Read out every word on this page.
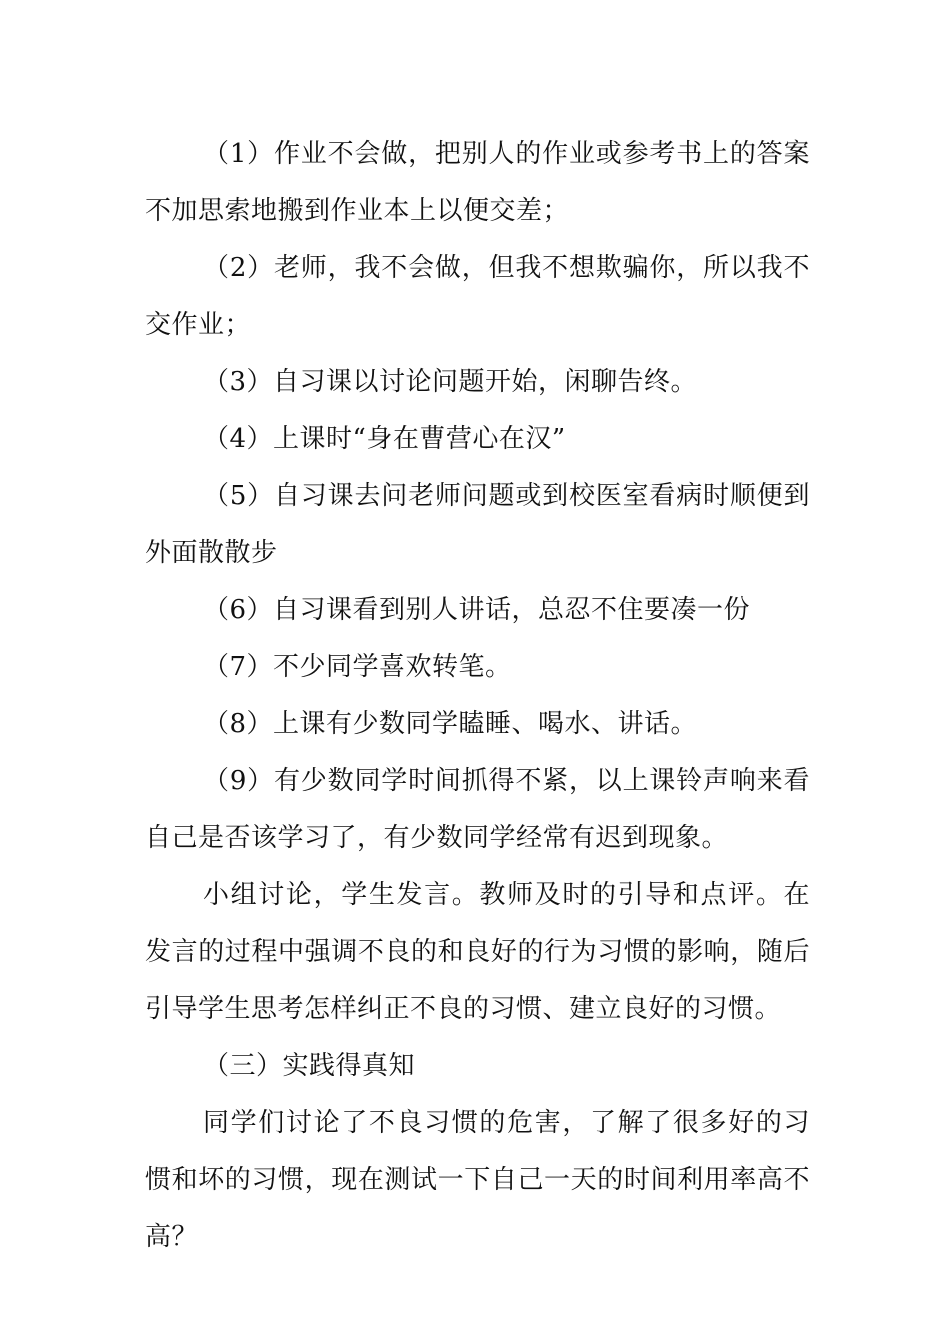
（1）作业不会做，把别人的作业或参考书上的答案不加思索地搬到作业本上以便交差；

（2）老师，我不会做，但我不想欺骗你，所以我不交作业；

（3）自习课以讨论问题开始，闲聊告终。

（4）上课时“身在曹营心在汉”

（5）自习课去问老师问题或到校医室看病时顺便到外面散散步

（6）自习课看到别人讲话，总忍不住要凑一份

（7）不少同学喜欢转笔。

（8）上课有少数同学瞌睡、喝水、讲话。

（9）有少数同学时间抓得不紧，以上课铃声响来看自己是否该学习了，有少数同学经常有迟到现象。

小组讨论，学生发言。教师及时的引导和点评。在发言的过程中强调不良的和良好的行为习惯的影响，随后引导学生思考怎样纠正不良的习惯、建立良好的习惯。

（三）实践得真知

同学们讨论了不良习惯的危害，了解了很多好的习惯和坏的习惯，现在测试一下自己一天的时间利用率高不高？
